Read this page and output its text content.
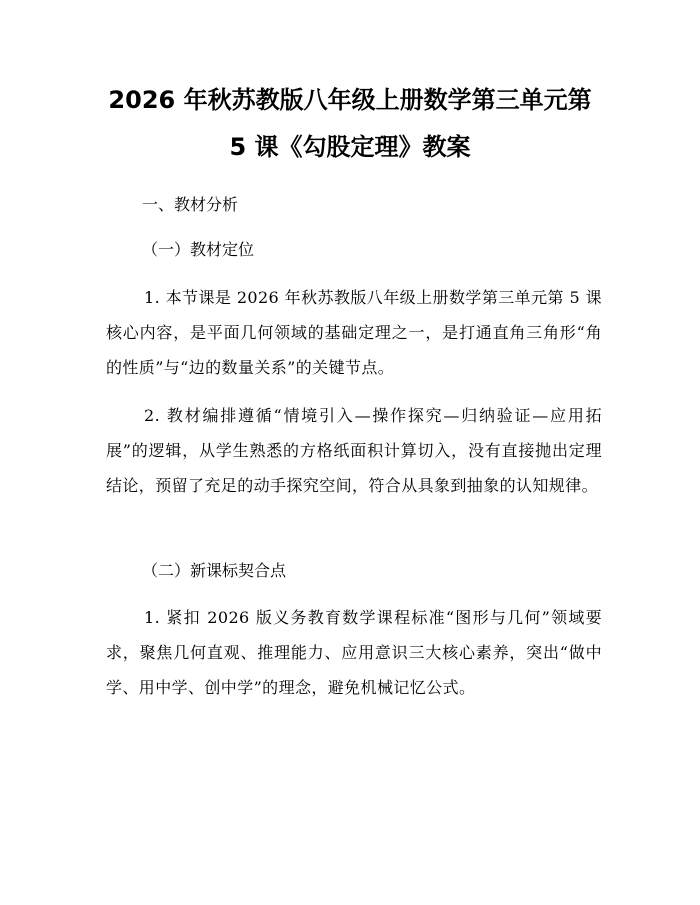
2026 年秋苏教版八年级上册数学第三单元第
5 课《勾股定理》教案

一、教材分析

（一）教材定位

1. 本节课是 2026 年秋苏教版八年级上册数学第三单元第 5 课核心内容，是平面几何领域的基础定理之一，是打通直角三角形“角的性质”与“边的数量关系”的关键节点。

2. 教材编排遵循“情境引入—操作探究—归纳验证—应用拓展”的逻辑，从学生熟悉的方格纸面积计算切入，没有直接抛出定理结论，预留了充足的动手探究空间，符合从具象到抽象的认知规律。

（二）新课标契合点

1. 紧扣 2026 版义务教育数学课程标准“图形与几何”领域要求，聚焦几何直观、推理能力、应用意识三大核心素养，突出“做中学、用中学、创中学”的理念，避免机械记忆公式。
